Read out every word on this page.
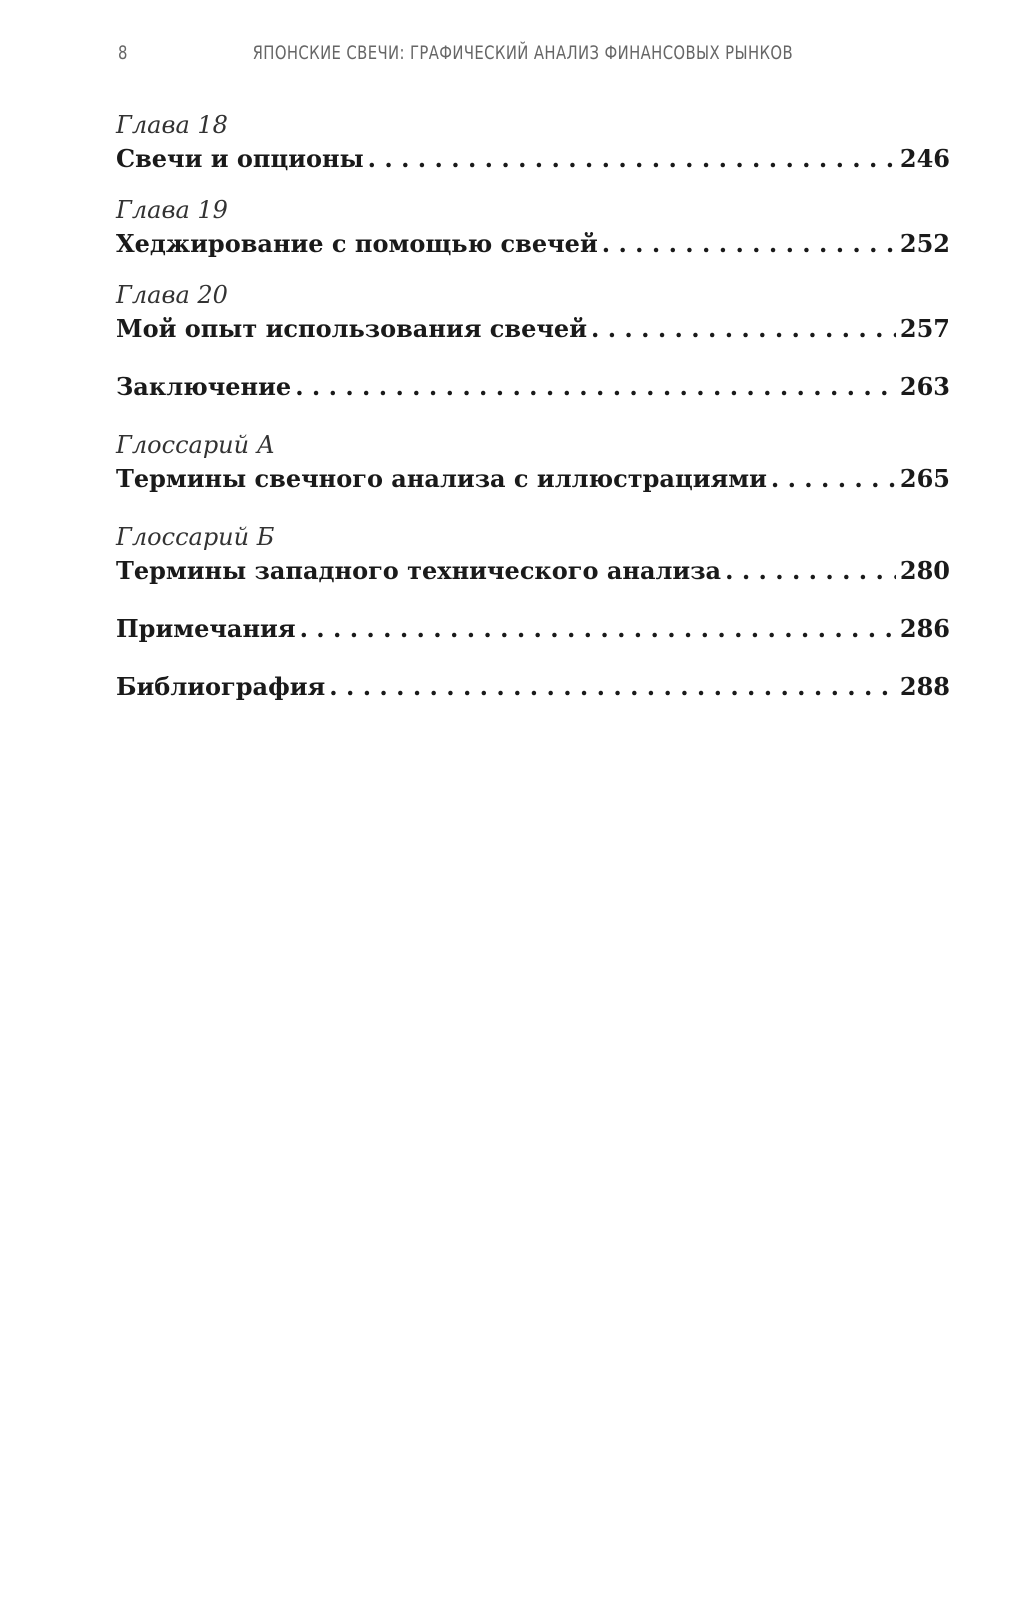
8	ЯПОНСКИЕ СВЕЧИ: ГРАФИЧЕСКИЙ АНАЛИЗ ФИНАНСОВЫХ РЫНКОВ
Глава 18
Свечи и опционы . . .	246
Глава 19
Хеджирование с помощью свечей . . .	252
Глава 20
Мой опыт использования свечей . . .	257
Заключение . . .	263
Глоссарий А
Термины свечного анализа с иллюстрациями . . .	265
Глоссарий Б
Термины западного технического анализа . . .	280
Примечания . . .	286
Библиография . . .	288
